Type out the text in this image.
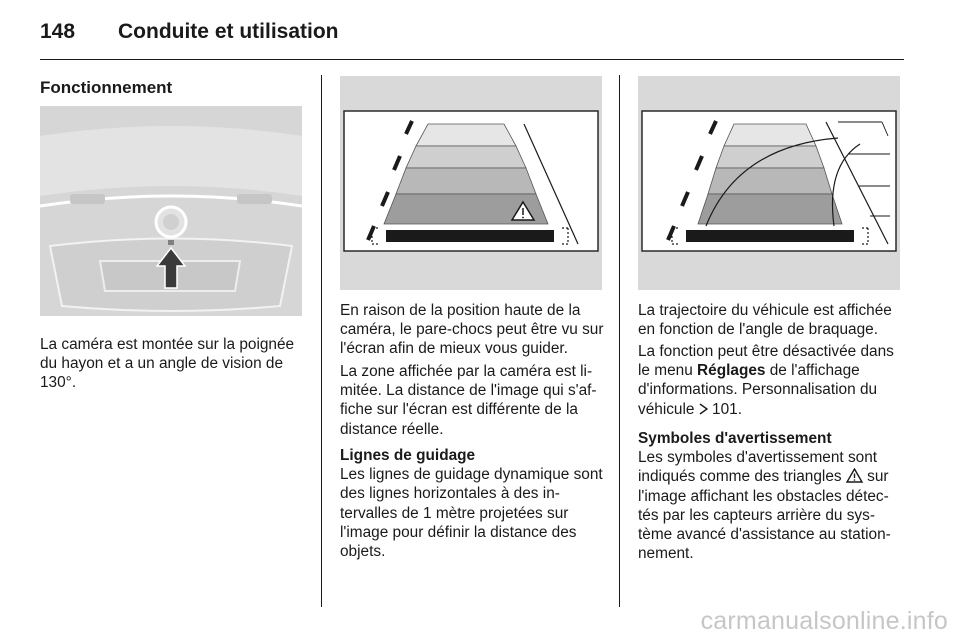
148 Conduite et utilisation
Fonctionnement
La caméra est montée sur la poignée du hayon et a un angle de vision de 130°.
En raison de la position haute de la caméra, le pare-chocs peut être vu sur l'écran afin de mieux vous guider.
La zone affichée par la caméra est li-mitée. La distance de l'image qui s'af-fiche sur l'écran est différente de la distance réelle.
Lignes de guidage
Les lignes de guidage dynamique sont des lignes horizontales à des in-tervalles de 1 mètre projetées sur l'image pour définir la distance des objets.
La trajectoire du véhicule est affichée en fonction de l'angle de braquage.
La fonction peut être désactivée dans le menu Réglages de l'affichage d'informations. Personnalisation du véhicule 101.
Symboles d'avertissement
Les symboles d'avertissement sont indiqués comme des triangles sur l'image affichant les obstacles détec-tés par les capteurs arrière du sys-tème avancé d'assistance au station-nement.
carmanualsonline.info
